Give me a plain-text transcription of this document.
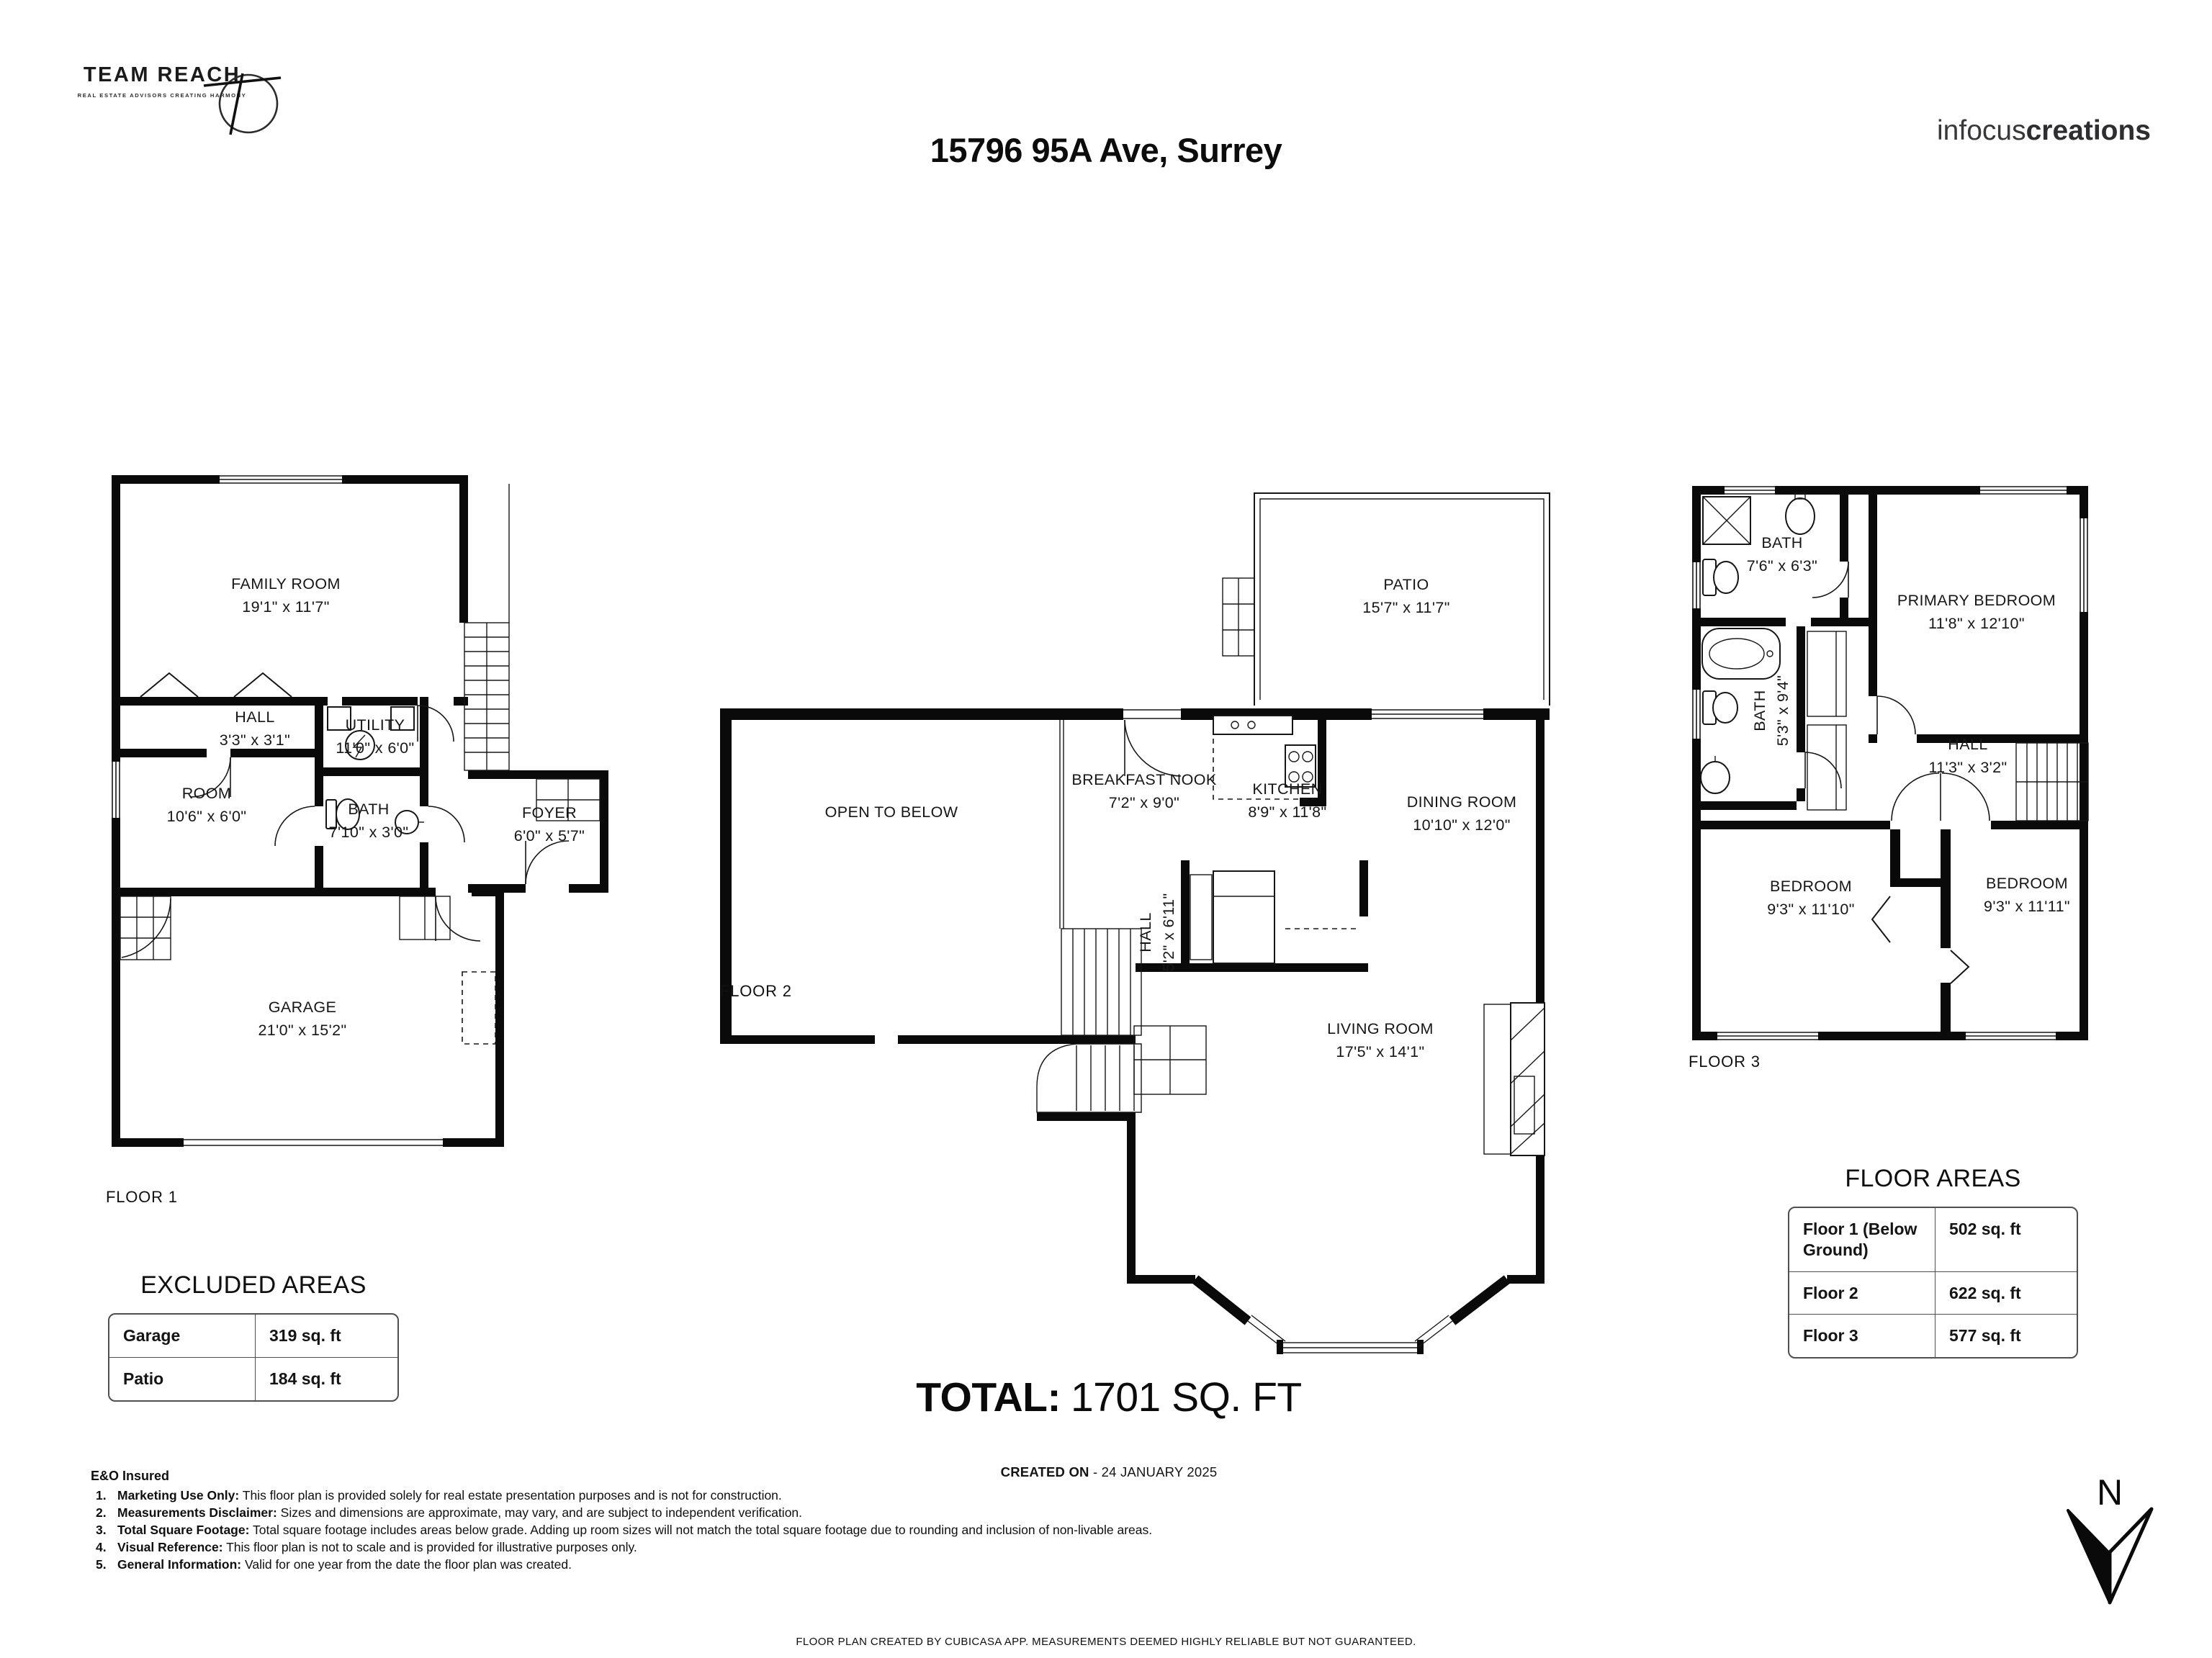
TEAM REACH
REAL ESTATE ADVISORS CREATING HARMONY
15796 95A Ave, Surrey
infocuscreations
FAMILY ROOM
19'1" x 11'7"
HALL
3'3" x 3'1"
UTILITY
11'0" x 6'0"
ROOM
10'6" x 6'0"	BATH
7'10" x 3'0"
FOYER
6'0" x 5'7"
GARAGE
21'0" x 15'2"
FLOOR 1
PATIO
15'7" x 11'7"
OPEN TO BELOW
BREAKFAST NOOK
7'2" x 9'0"
KITCHEN
8'9" x 11'8"
DINING ROOM
10'10" x 12'0"
HALL 5'2" x 6'11"
LIVING ROOM
17'5" x 14'1"
FLOOR 2
BATH
7'6" x 6'3"
PRIMARY BEDROOM
11'8" x 12'10"
BATH 5'3" x 9'4"	HALL
11'3" x 3'2"
BEDROOM
9'3" x 11'10"
BEDROOM
9'3" x 11'11"
FLOOR 3
EXCLUDED AREAS
Garage	319 sq. ft
Patio	184 sq. ft
FLOOR AREAS
Floor 1 (Below Ground)
502 sq. ft
Floor 2	622 sq. ft
Floor 3	577 sq. ft
TOTAL: 1701 SQ. FT
CREATED ON - 24 JANUARY 2025
E&O Insured
1. Marketing Use Only: This floor plan is provided solely for real estate presentation purposes and is not for construction.
2. Measurements Disclaimer: Sizes and dimensions are approximate, may vary, and are subject to independent verification.
3. Total Square Footage: Total square footage includes areas below grade. Adding up room sizes will not match the total square footage due to rounding and inclusion of non-livable areas.
4. Visual Reference: This floor plan is not to scale and is provided for illustrative purposes only.
5. General Information: Valid for one year from the date the floor plan was created.
FLOOR PLAN CREATED BY CUBICASA APP. MEASUREMENTS DEEMED HIGHLY RELIABLE BUT NOT GUARANTEED.
N
